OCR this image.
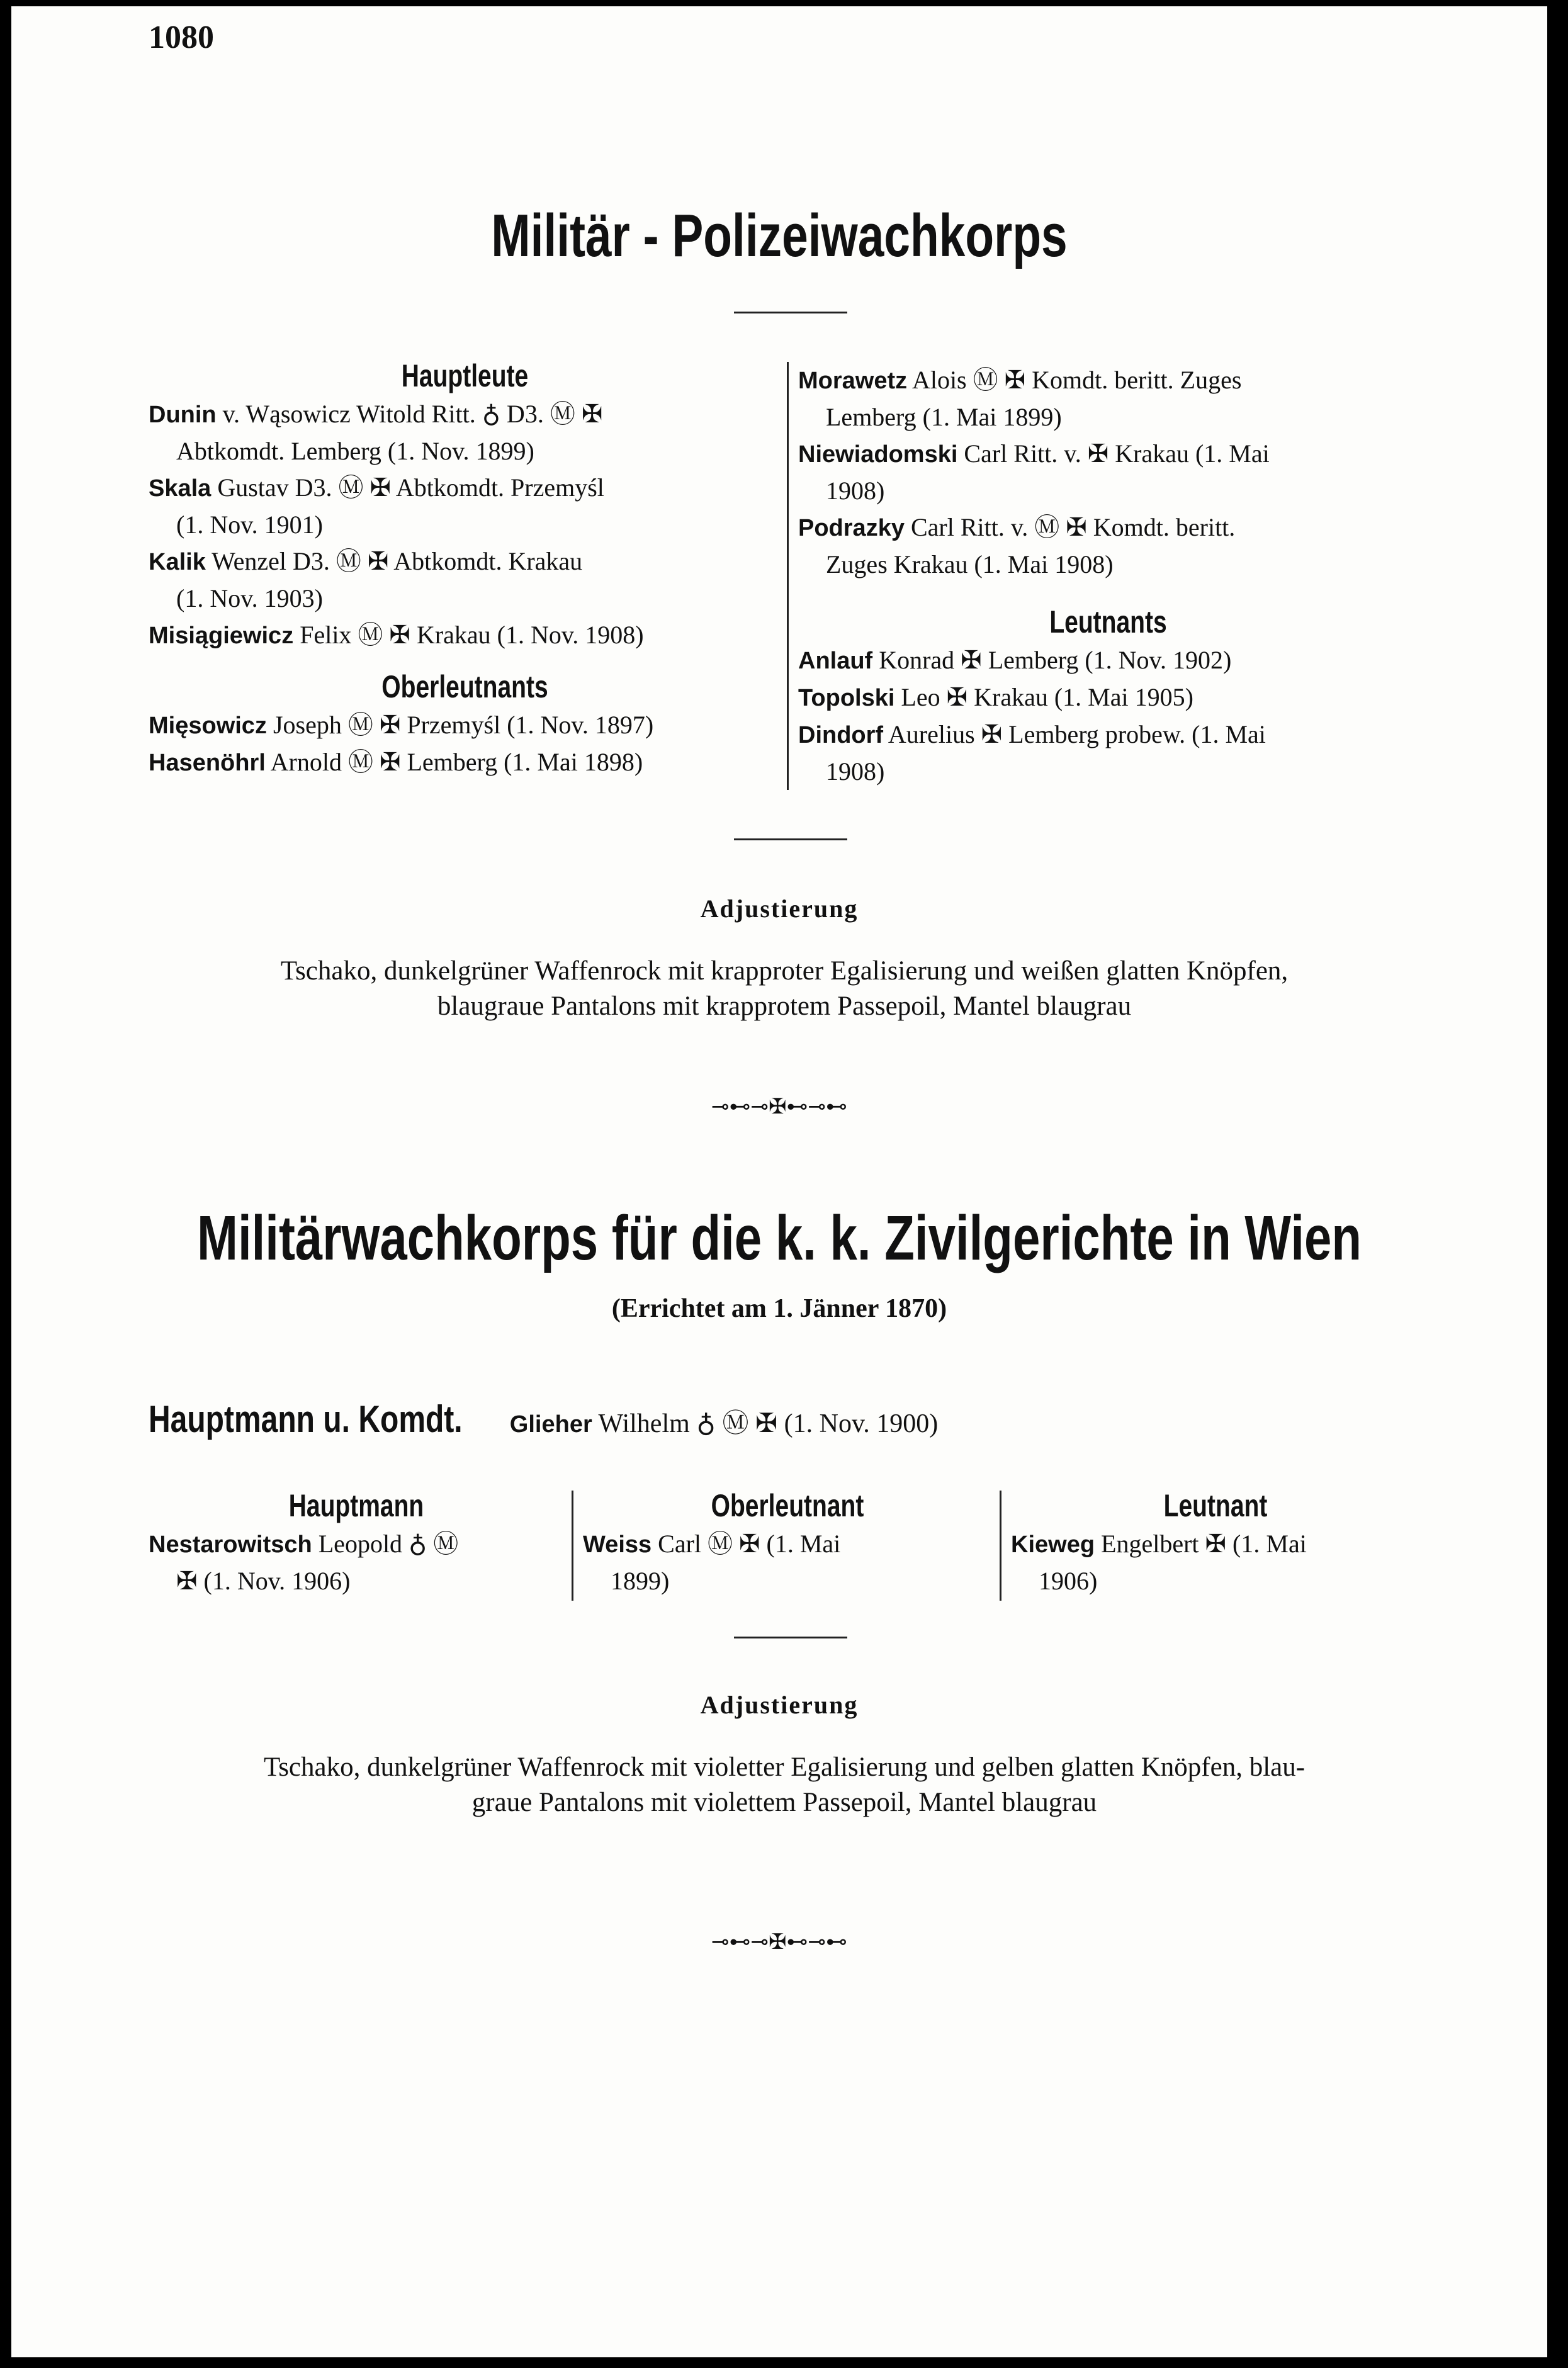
1080
Militär - Polizeiwachkorps
Hauptleute
Dunin v. Wąsowicz Witold Ritt. ♁ D3. Ⓜ ✠
Abtkomdt. Lemberg (1. Nov. 1899)
Skala Gustav D3. Ⓜ ✠ Abtkomdt. Przemyśl
(1. Nov. 1901)
Kalik Wenzel D3. Ⓜ ✠ Abtkomdt. Krakau
(1. Nov. 1903)
Misiągiewicz Felix Ⓜ ✠ Krakau (1. Nov. 1908)
Oberleutnants
Mięsowicz Joseph Ⓜ ✠ Przemyśl (1. Nov. 1897)
Hasenöhrl Arnold Ⓜ ✠ Lemberg (1. Mai 1898)
Morawetz Alois Ⓜ ✠ Komdt. beritt. Zuges
Lemberg (1. Mai 1899)
Niewiadomski Carl Ritt. v. ✠ Krakau (1. Mai
1908)
Podrazky Carl Ritt. v. Ⓜ ✠ Komdt. beritt.
Zuges Krakau (1. Mai 1908)
Leutnants
Anlauf Konrad ✠ Lemberg (1. Nov. 1902)
Topolski Leo ✠ Krakau (1. Mai 1905)
Dindorf Aurelius ✠ Lemberg probew. (1. Mai
1908)
Adjustierung
Tschako, dunkelgrüner Waffenrock mit krapproter Egalisierung und weißen glatten Knöpfen,
blaugraue Pantalons mit krapprotem Passepoil, Mantel blaugrau
⊸⊷⊸✠⊷⊸⊷
Militärwachkorps für die k. k. Zivilgerichte in Wien
(Errichtet am 1. Jänner 1870)
Hauptmann u. Komdt. Glieher Wilhelm ♁ Ⓜ ✠ (1. Nov. 1900)
Hauptmann
Nestarowitsch Leopold ♁ Ⓜ
✠ (1. Nov. 1906)
Oberleutnant
Weiss Carl Ⓜ ✠ (1. Mai
1899)
Leutnant
Kieweg Engelbert ✠ (1. Mai
1906)
Adjustierung
Tschako, dunkelgrüner Waffenrock mit violetter Egalisierung und gelben glatten Knöpfen, blau-
graue Pantalons mit violettem Passepoil, Mantel blaugrau
⊸⊷⊸✠⊷⊸⊷
